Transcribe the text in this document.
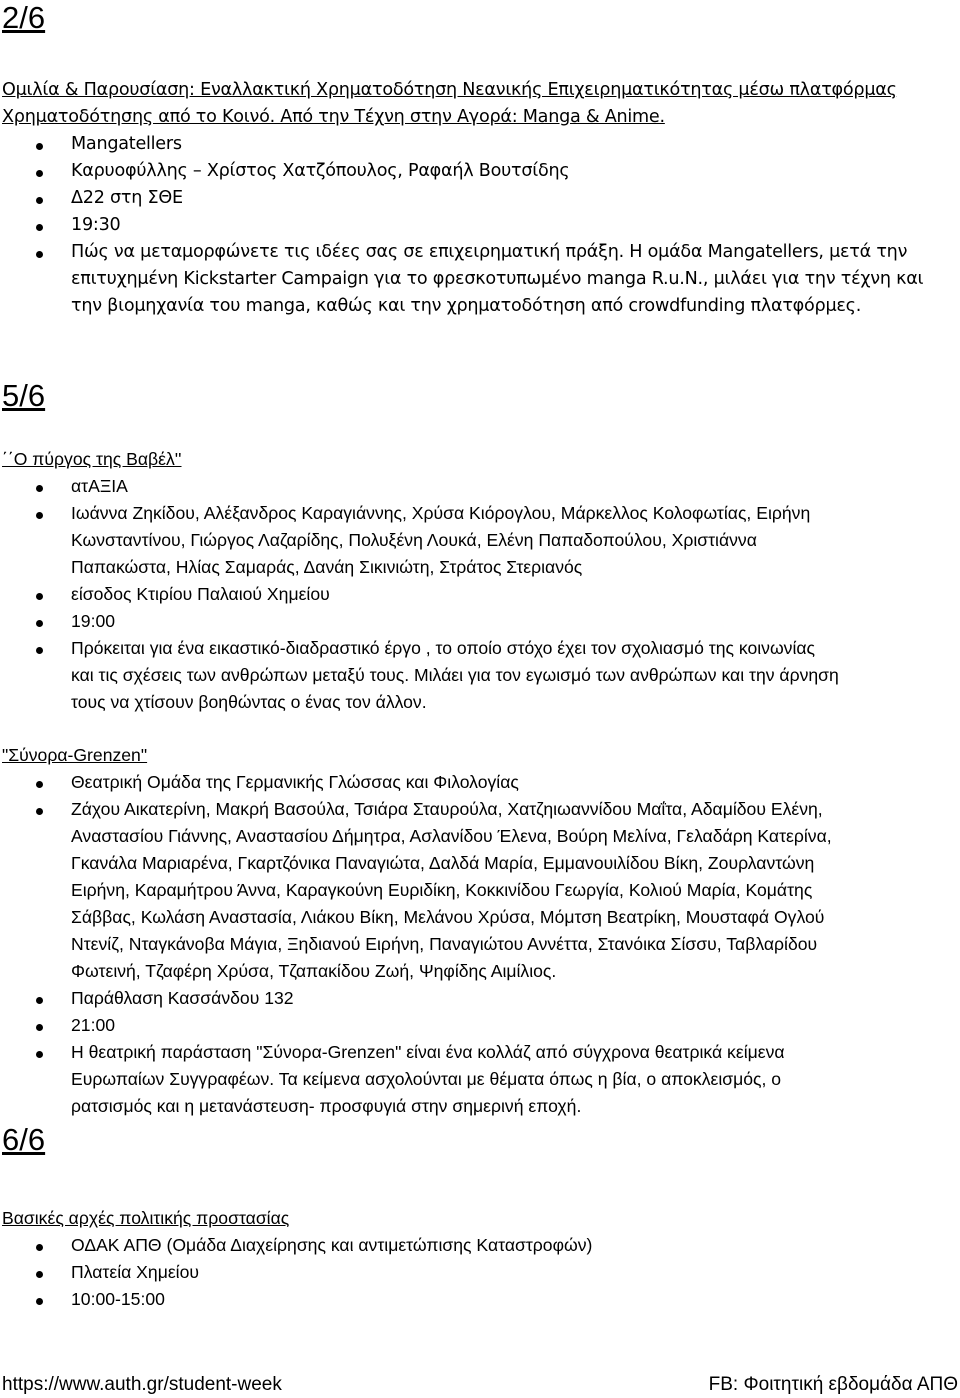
2/6
Ομιλία & Παρουσίαση: Εναλλακτική Χρηματοδότηση Νεανικής Επιχειρηματικότητας μέσω πλατφόρμας
Χρηματοδότησης από το Κοινό. Από την Τέχνη στην Αγορά: Manga & Anime.
Mangatellers
Καρυοφύλλης – Χρίστος Χατζόπουλος, Ραφαήλ Βουτσίδης
Δ22 στη ΣΘΕ
19:30
Πώς να μεταμορφώνετε τις ιδέες σας σε επιχειρηματική πράξη. Η ομάδα Mangatellers, μετά την
επιτυχημένη Kickstarter Campaign για το φρεσκοτυπωμένο manga R.u.N., μιλάει για την τέχνη και
την βιομηχανία του manga, καθώς και την χρηματοδότηση από crowdfunding πλατφόρμες.
5/6
΄΄Ο πύργος της Βαβέλ''
ατΑΞΙΑ
Ιωάννα Ζηκίδου, Αλέξανδρος Καραγιάννης, Χρύσα Κιόρογλου, Μάρκελλος Κολοφωτίας, Ειρήνη
Κωνσταντίνου, Γιώργος Λαζαρίδης, Πολυξένη Λουκά, Ελένη Παπαδοπούλου, Χριστιάννα
Παπακώστα, Ηλίας Σαμαράς, Δανάη Σικινιώτη, Στράτος Στεριανός
είσοδος Κτιρίου Παλαιού Χημείου
19:00
Πρόκειται για ένα εικαστικό-διαδραστικό έργο , το οποίο στόχο έχει τον σχολιασμό της κοινωνίας
και τις σχέσεις των ανθρώπων μεταξύ τους. Μιλάει για τον εγωισμό των ανθρώπων και την άρνηση
τους να χτίσουν βοηθώντας ο ένας τον άλλον.
"Σύνορα-Grenzen"
Θεατρική Ομάδα της Γερμανικής Γλώσσας και Φιλολογίας
Ζάχου Αικατερίνη, Μακρή Βασούλα, Τσιάρα Σταυρούλα, Χατζηιωαννίδου Μαΐτα, Αδαμίδου Ελένη,
Αναστασίου Γιάννης, Αναστασίου Δήμητρα, Ασλανίδου Έλενα, Βούρη Μελίνα, Γελαδάρη Κατερίνα,
Γκανάλα Μαριαρένα, Γκαρτζόνικα Παναγιώτα, Δαλδά Μαρία, Εμμανουιλίδου Βίκη, Ζουρλαντώνη
Ειρήνη, Καραμήτρου Άννα, Καραγκούνη Ευριδίκη, Κοκκινίδου Γεωργία, Κολιού Μαρία, Κομάτης
Σάββας, Κωλάση Αναστασία, Λιάκου Βίκη, Μελάνου Χρύσα, Μόμτση Βεατρίκη, Μουσταφά Ογλού
Ντενίζ, Νταγκάνοβα Μάγια, Ξηδιανού Ειρήνη, Παναγιώτου Αννέττα, Στανόικα Σίσσυ, Ταβλαρίδου
Φωτεινή, Τζαφέρη Χρύσα, Τζαπακίδου Ζωή, Ψηφίδης Αιμίλιος.
Παράθλαση Κασσάνδου 132
21:00
Η θεατρική παράσταση "Σύνορα-Grenzen" είναι ένα κολλάζ από σύγχρονα θεατρικά κείμενα
Ευρωπαίων Συγγραφέων. Τα κείμενα ασχολούνται με θέματα όπως η βία, ο αποκλεισμός, ο
ρατσισμός και η μετανάστευση- προσφυγιά στην σημερινή εποχή.
6/6
Βασικές αρχές πολιτικής προστασίας
ΟΔΑΚ ΑΠΘ (Ομάδα Διαχείρησης και αντιμετώπισης Καταστροφών)
Πλατεία Χημείου
10:00-15:00
https://www.auth.gr/student-week	FB: Φοιτητική εβδομάδα ΑΠΘ
